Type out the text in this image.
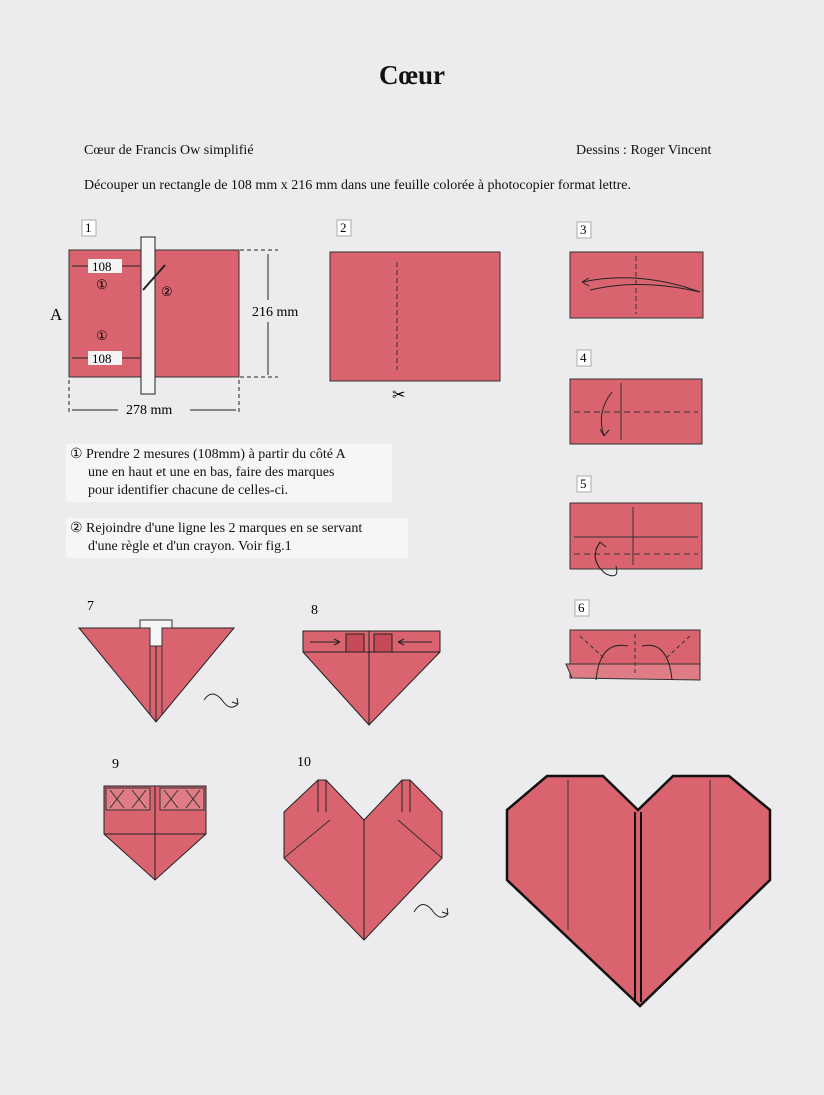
Cœur
Cœur de Francis Ow simplifié	Dessins : Roger Vincent
Découper un rectangle de 108 mm x 216 mm dans une feuille colorée à photocopier format lettre.
1
108
108
①
①
②
A	216 mm
278 mm
2
✂
3
4
5
6
7	8
9	10
① Prendre 2 mesures (108mm) à partir du côté A
une en haut et une en bas, faire des marques
pour identifier chacune de celles-ci.
② Rejoindre d'une ligne les 2 marques en se servant
d'une règle et d'un crayon. Voir fig.1
